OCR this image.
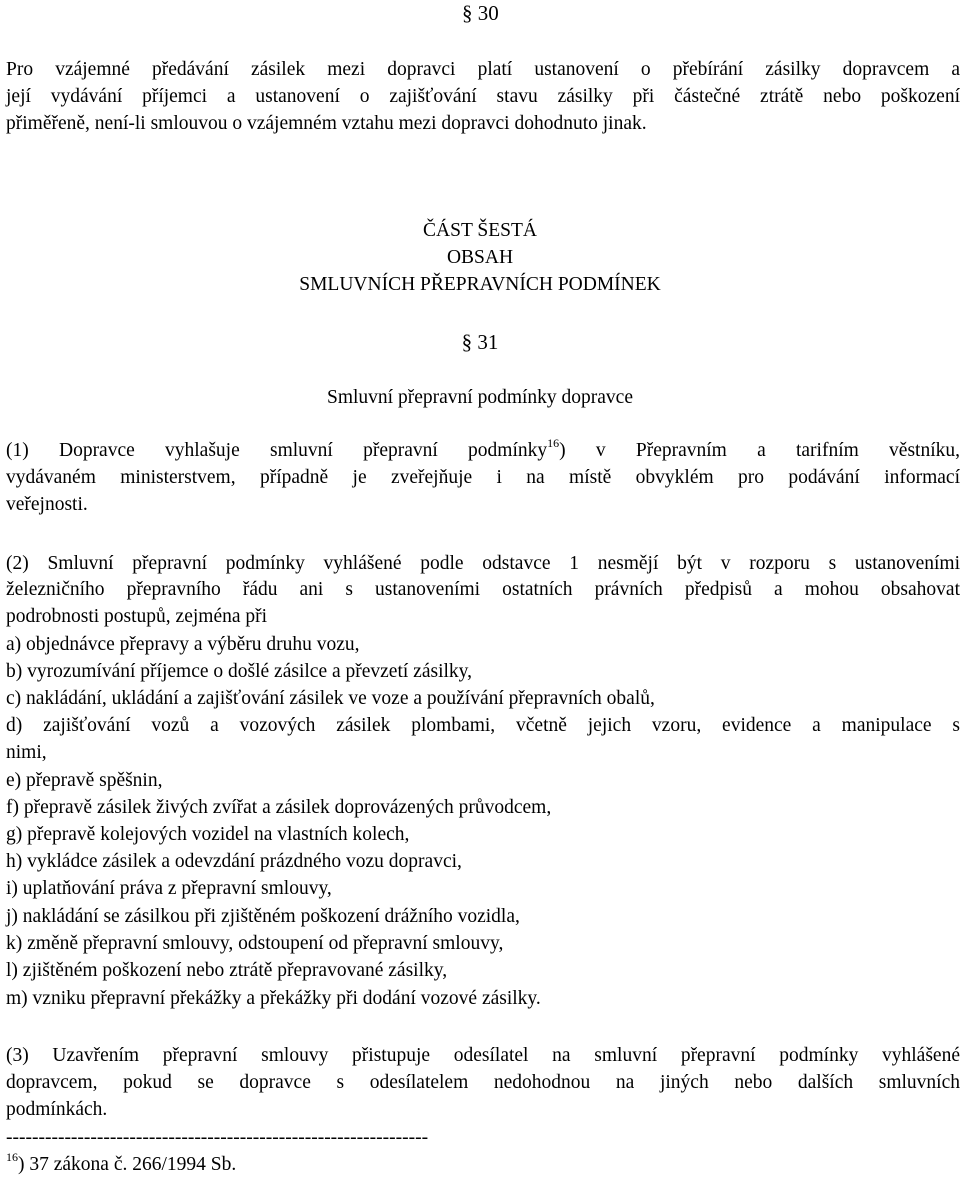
§ 30
Pro vzájemné předávání zásilek mezi dopravci platí ustanovení o přebírání zásilky dopravcem a
její vydávání příjemci a ustanovení o zajišťování stavu zásilky při částečné ztrátě nebo poškození
přiměřeně, není-li smlouvou o vzájemném vztahu mezi dopravci dohodnuto jinak.
ČÁST ŠESTÁ
OBSAH
SMLUVNÍCH PŘEPRAVNÍCH PODMÍNEK
§ 31
Smluvní přepravní podmínky dopravce
(1) Dopravce vyhlašuje smluvní přepravní podmínky$^{16}$) v Přepravním a tarifním věstníku,
vydávaném ministerstvem, případně je zveřejňuje i na místě obvyklém pro podávání informací
veřejnosti.
(2) Smluvní přepravní podmínky vyhlášené podle odstavce 1 nesmějí být v rozporu s ustanoveními
železničního přepravního řádu ani s ustanoveními ostatních právních předpisů a mohou obsahovat
podrobnosti postupů, zejména při
a) objednávce přepravy a výběru druhu vozu,
b) vyrozumívání příjemce o došlé zásilce a převzetí zásilky,
c) nakládání, ukládání a zajišťování zásilek ve voze a používání přepravních obalů,
d) zajišťování vozů a vozových zásilek plombami, včetně jejich vzoru, evidence a manipulace s
nimi,
e) přepravě spěšnin,
f) přepravě zásilek živých zvířat a zásilek doprovázených průvodcem,
g) přepravě kolejových vozidel na vlastních kolech,
h) vykládce zásilek a odevzdání prázdného vozu dopravci,
i) uplatňování práva z přepravní smlouvy,
j) nakládání se zásilkou při zjištěném poškození drážního vozidla,
k) změně přepravní smlouvy, odstoupení od přepravní smlouvy,
l) zjištěném poškození nebo ztrátě přepravované zásilky,
m) vzniku přepravní překážky a překážky při dodání vozové zásilky.
(3) Uzavřením přepravní smlouvy přistupuje odesílatel na smluvní přepravní podmínky vyhlášené
dopravcem, pokud se dopravce s odesílatelem nedohodnou na jiných nebo dalších smluvních
podmínkách.
-----------------------------------------------------------------
$^{16}$) 37 zákona č. 266/1994 Sb.
